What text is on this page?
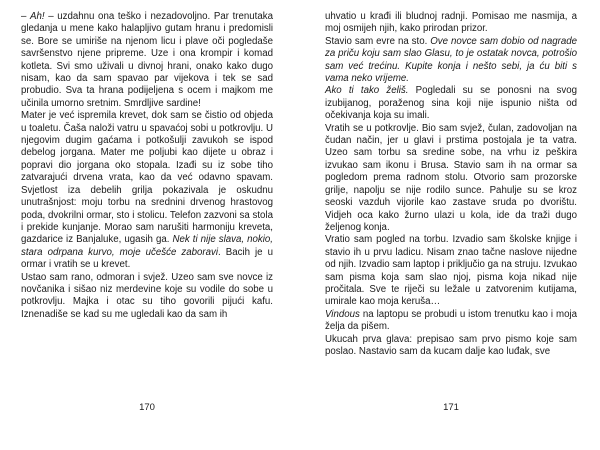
– Ah! – uzdahnu ona teško i nezadovoljno. Par trenutaka gledanja u mene kako halapljivo gutam hranu i predomisli se. Bore se umiriše na njenom licu i plave oči pogledaše savršenstvo njene pripreme. Uze i ona krompir i komad kotleta. Svi smo uživali u divnoj hrani, onako kako dugo nisam, kao da sam spavao par vijekova i tek se sad probudio. Sva ta hrana podijeljena s ocem i majkom me učinila umorno sretnim. Smrdljive sardine!

Mater je već ispremila krevet, dok sam se čistio od objeda u toaletu. Čaša naloži vatru u spavaćoj sobi u potkrovlju. U njegovim dugim gaćama i potkošulji zavukoh se ispod debelog jorgana. Mater me poljubi kao dijete u obraz i popravi dio jorgana oko stopala. Izađi su iz sobe tiho zatvarajući drvena vrata, kao da već odavno spavam. Svjetlost iza debelih grilja pokazivala je oskudnu unutrašnjost: moju torbu na srednini drvenog hrastovog poda, dvokrilni ormar, sto i stolicu. Telefon zazvoni sa stola i prekide kunjanje. Morao sam narušiti harmoniju kreveta, gazdarice iz Banjaluke, ugasih ga. Nek ti nije slava, nokio, stara odrpana kurvo, moje učešće zaboravi. Bacih je u ormar i vratih se u krevet.

Ustao sam rano, odmoran i svjež. Uzeo sam sve novce iz novčanika i sišao niz merdevine koje su vodile do sobe u potkrovlju. Majka i otac su tiho govorili pijući kafu. Iznenadiše se kad su me ugledali kao da sam ih

170

uhvatio u krađi ili bludnoj radnji. Pomisao me nasmija, a moj osmijeh njih, kako prirodan prizor.

Stavio sam evre na sto. Ove novce sam dobio od nagrade za priču koju sam slao Glasu, to je ostatak novca, potrošio sam već trećinu. Kupite konja i nešto sebi, ja ću biti s vama neko vrijeme.

Ako ti tako želiš. Pogledali su se ponosni na svog izubijanog, poraženog sina koji nije ispunio ništa od očekivanja koja su imali.

Vratih se u potkrovlje. Bio sam svjež, čulan, zadovoljan na čudan način, jer u glavi i prstima postojala je ta vatra. Uzeo sam torbu sa sredine sobe, na vrhu iz peškira izvukao sam ikonu i Brusa. Stavio sam ih na ormar sa pogledom prema radnom stolu. Otvorio sam prozorske grilje, napolju se nije rodilo sunce. Pahulje su se kroz seoski vazduh vijorile kao zastave sruda po dvorištu. Vidjeh oca kako žurno ulazi u kola, ide da traži dugo željenog konja.

Vratio sam pogled na torbu. Izvadio sam školske knjige i stavio ih u prvu ladicu. Nisam znao tačne naslove nijedne od njih. Izvadio sam laptop i priključio ga na struju. Izvukao sam pisma koja sam slao njoj, pisma koja nikad nije pročitala. Sve te riječi su ležale u zatvorenim kutijama, umirale kao moja keruša…

Vindous na laptopu se probudi u istom trenutku kao i moja želja da pišem.

Ukucah prva glava: prepisao sam prvo pismo koje sam poslao. Nastavio sam da kucam dalje kao luđak, sve

171
